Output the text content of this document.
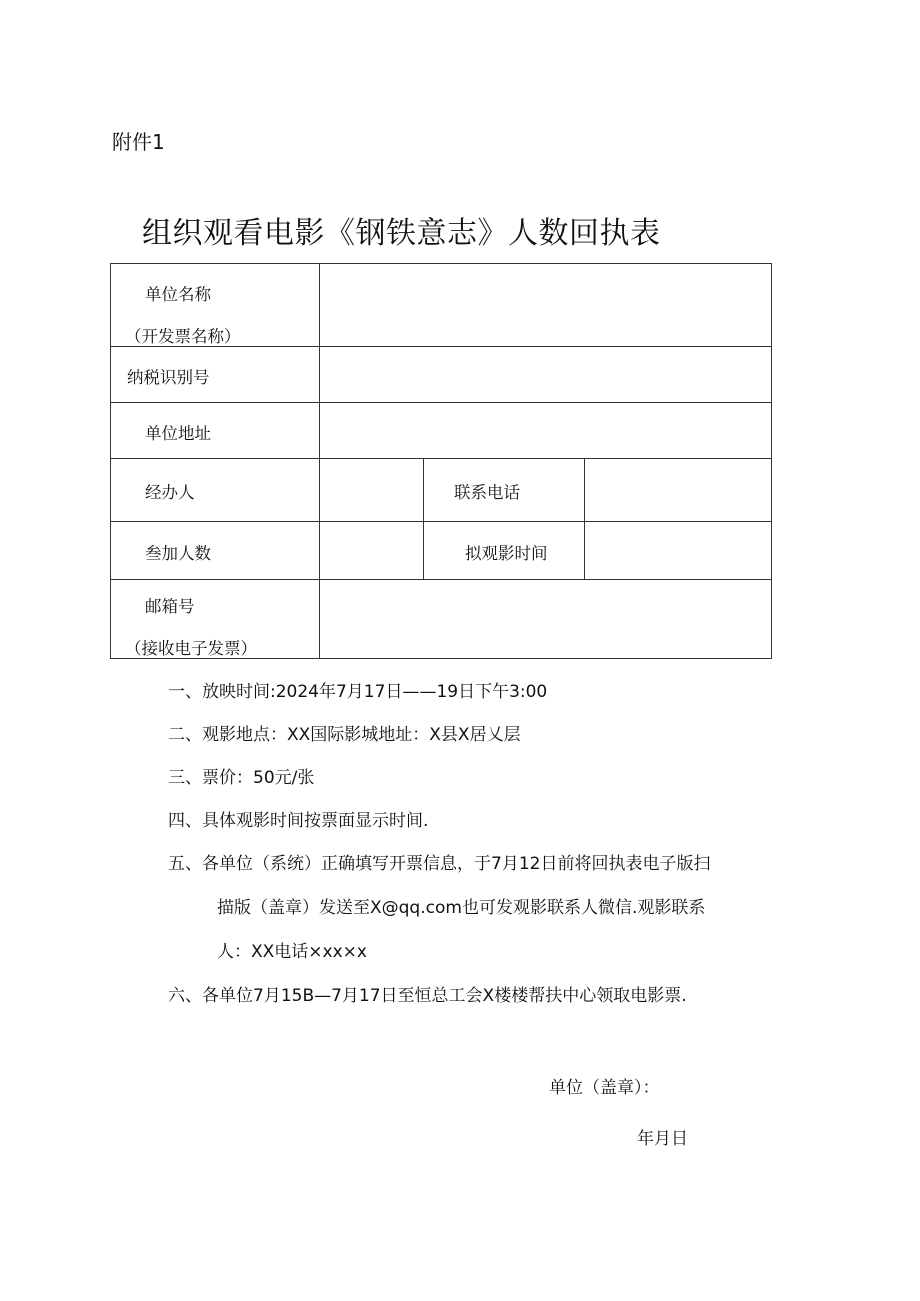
附件1
组织观看电影《钢铁意志》人数回执表
单位名称
（开发票名称）
纳税识别号
单位地址
经办人	联系电话
叁加人数	拟观影时间
邮箱号
（接收电子发票）
一、放映时间:2024年7月17日——19日下午3:00
二、观影地点：XX国际影城地址：X县X居乂层
三、票价：50元/张
四、具体观影时间按票面显示时间.
五、各单位（系统）正确填写开票信息，于7月12日前将回执表电子版扫
描版（盖章）发送至X@qq.com也可发观影联系人微信.观影联系
人：XX电话×xx×x
六、各单位7月15B—7月17日至恒总工会X楼楼帮扶中心领取电影票.
单位（盖章）：
年月日
